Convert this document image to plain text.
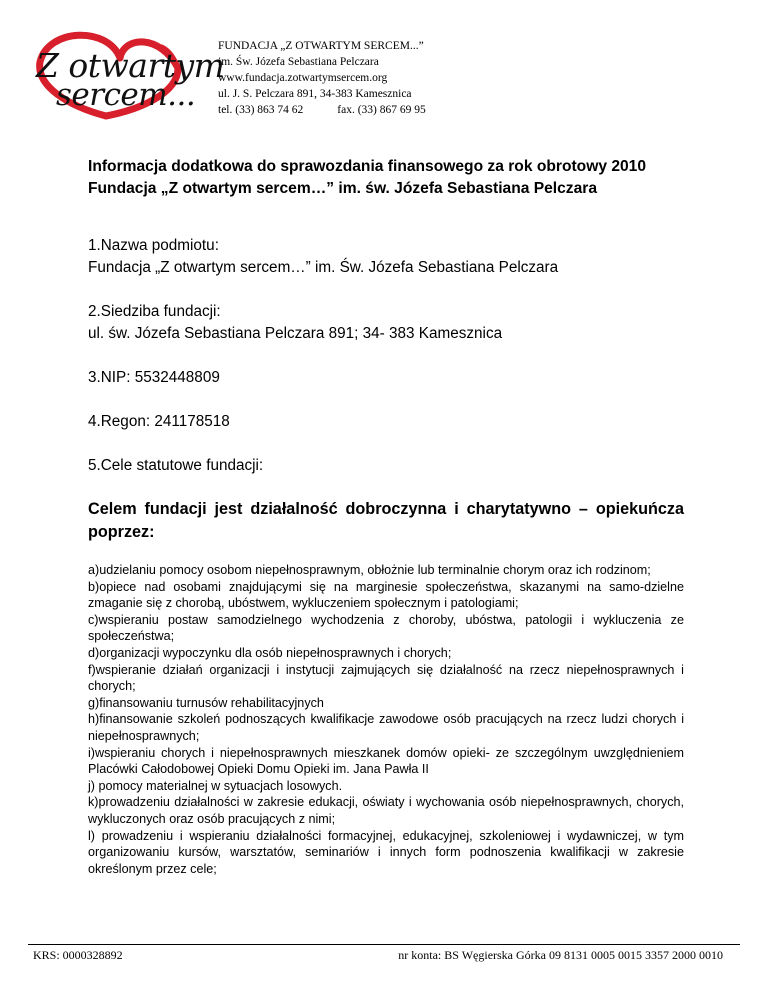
Z otwartym
sercem...
FUNDACJA „Z OTWARTYM SERCEM...”
im. Św. Józefa Sebastiana Pelczara
www.fundacja.zotwartymsercem.org
ul. J. S. Pelczara 891, 34-383 Kamesznica
tel. (33) 863 74 62	fax. (33) 867 69 95

Informacja dodatkowa do sprawozdania finansowego za rok obrotowy 2010

Fundacja „Z otwartym sercem…” im. św. Józefa Sebastiana Pelczara

1.Nazwa podmiotu:

Fundacja „Z otwartym sercem…” im. Św. Józefa Sebastiana Pelczara

2.Siedziba fundacji:

ul. św. Józefa Sebastiana Pelczara 891; 34- 383 Kamesznica

3.NIP: 5532448809

4.Regon: 241178518

5.Cele statutowe fundacji:

Celem fundacji jest działalność dobroczynna i charytatywno – opiekuńcza poprzez:

a)udzielaniu pomocy osobom niepełnosprawnym, obłożnie lub terminalnie chorym oraz ich rodzinom;
b)opiece nad osobami znajdującymi się na marginesie społeczeństwa, skazanymi na samo-dzielne zmaganie się z chorobą, ubóstwem, wykluczeniem społecznym i patologiami;
c)wspieraniu postaw samodzielnego wychodzenia z choroby, ubóstwa, patologii i wykluczenia ze społeczeństwa;
d)organizacji wypoczynku dla osób niepełnosprawnych i chorych;
f)wspieranie działań organizacji i instytucji zajmujących się działalność na rzecz niepełnosprawnych i chorych;
g)finansowaniu turnusów rehabilitacyjnych
h)finansowanie szkoleń podnoszących kwalifikacje zawodowe osób pracujących na rzecz ludzi chorych i niepełnosprawnych;
i)wspieraniu chorych i niepełnosprawnych mieszkanek domów opieki- ze szczególnym uwzględnieniem Placówki Całodobowej Opieki Domu Opieki im. Jana Pawła II
j) pomocy materialnej w sytuacjach losowych.
k)prowadzeniu działalności w zakresie edukacji, oświaty i wychowania osób niepełnosprawnych, chorych, wykluczonych oraz osób pracujących z nimi;
l) prowadzeniu i wspieraniu działalności formacyjnej, edukacyjnej, szkoleniowej i wydawniczej, w tym organizowaniu kursów, warsztatów, seminariów i innych form podnoszenia kwalifikacji w zakresie określonym przez cele;
KRS: 0000328892	nr konta: BS Węgierska Górka 09 8131 0005 0015 3357 2000 0010
